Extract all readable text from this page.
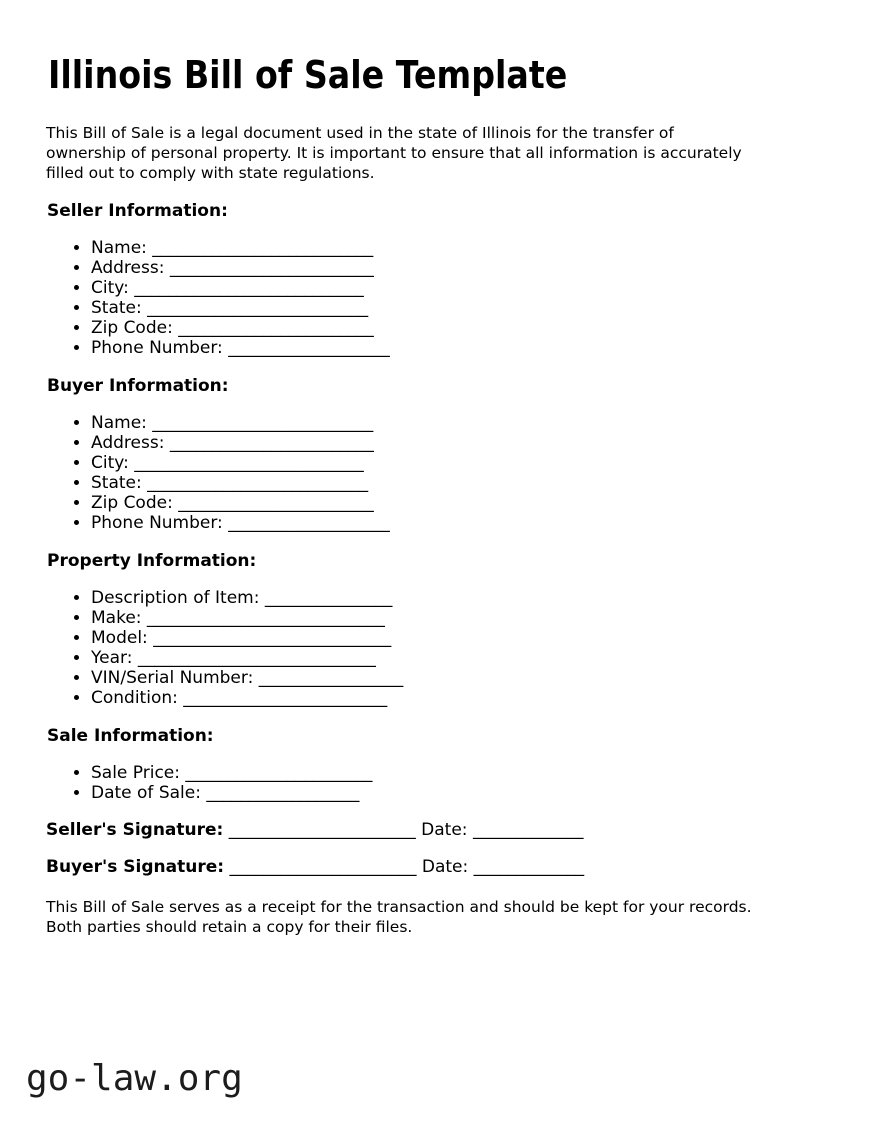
Illinois Bill of Sale Template

This Bill of Sale is a legal document used in the state of Illinois for the transfer of
ownership of personal property. It is important to ensure that all information is accurately
filled out to comply with state regulations.

Seller Information:
• Name: __________________________
• Address: ________________________
• City: ___________________________
• State: __________________________
• Zip Code: _______________________
• Phone Number: ___________________
Buyer Information:
• Name: __________________________
• Address: ________________________
• City: ___________________________
• State: __________________________
• Zip Code: _______________________
• Phone Number: ___________________
Property Information:
• Description of Item: _______________
• Make: ____________________________
• Model: ____________________________
• Year: ____________________________
• VIN/Serial Number: _________________
• Condition: ________________________
Sale Information:
• Sale Price: ______________________
• Date of Sale: __________________

Seller's Signature: ______________________ Date: _____________

Buyer's Signature: ______________________ Date: _____________

This Bill of Sale serves as a receipt for the transaction and should be kept for your records.
Both parties should retain a copy for their files.

go-law.org
